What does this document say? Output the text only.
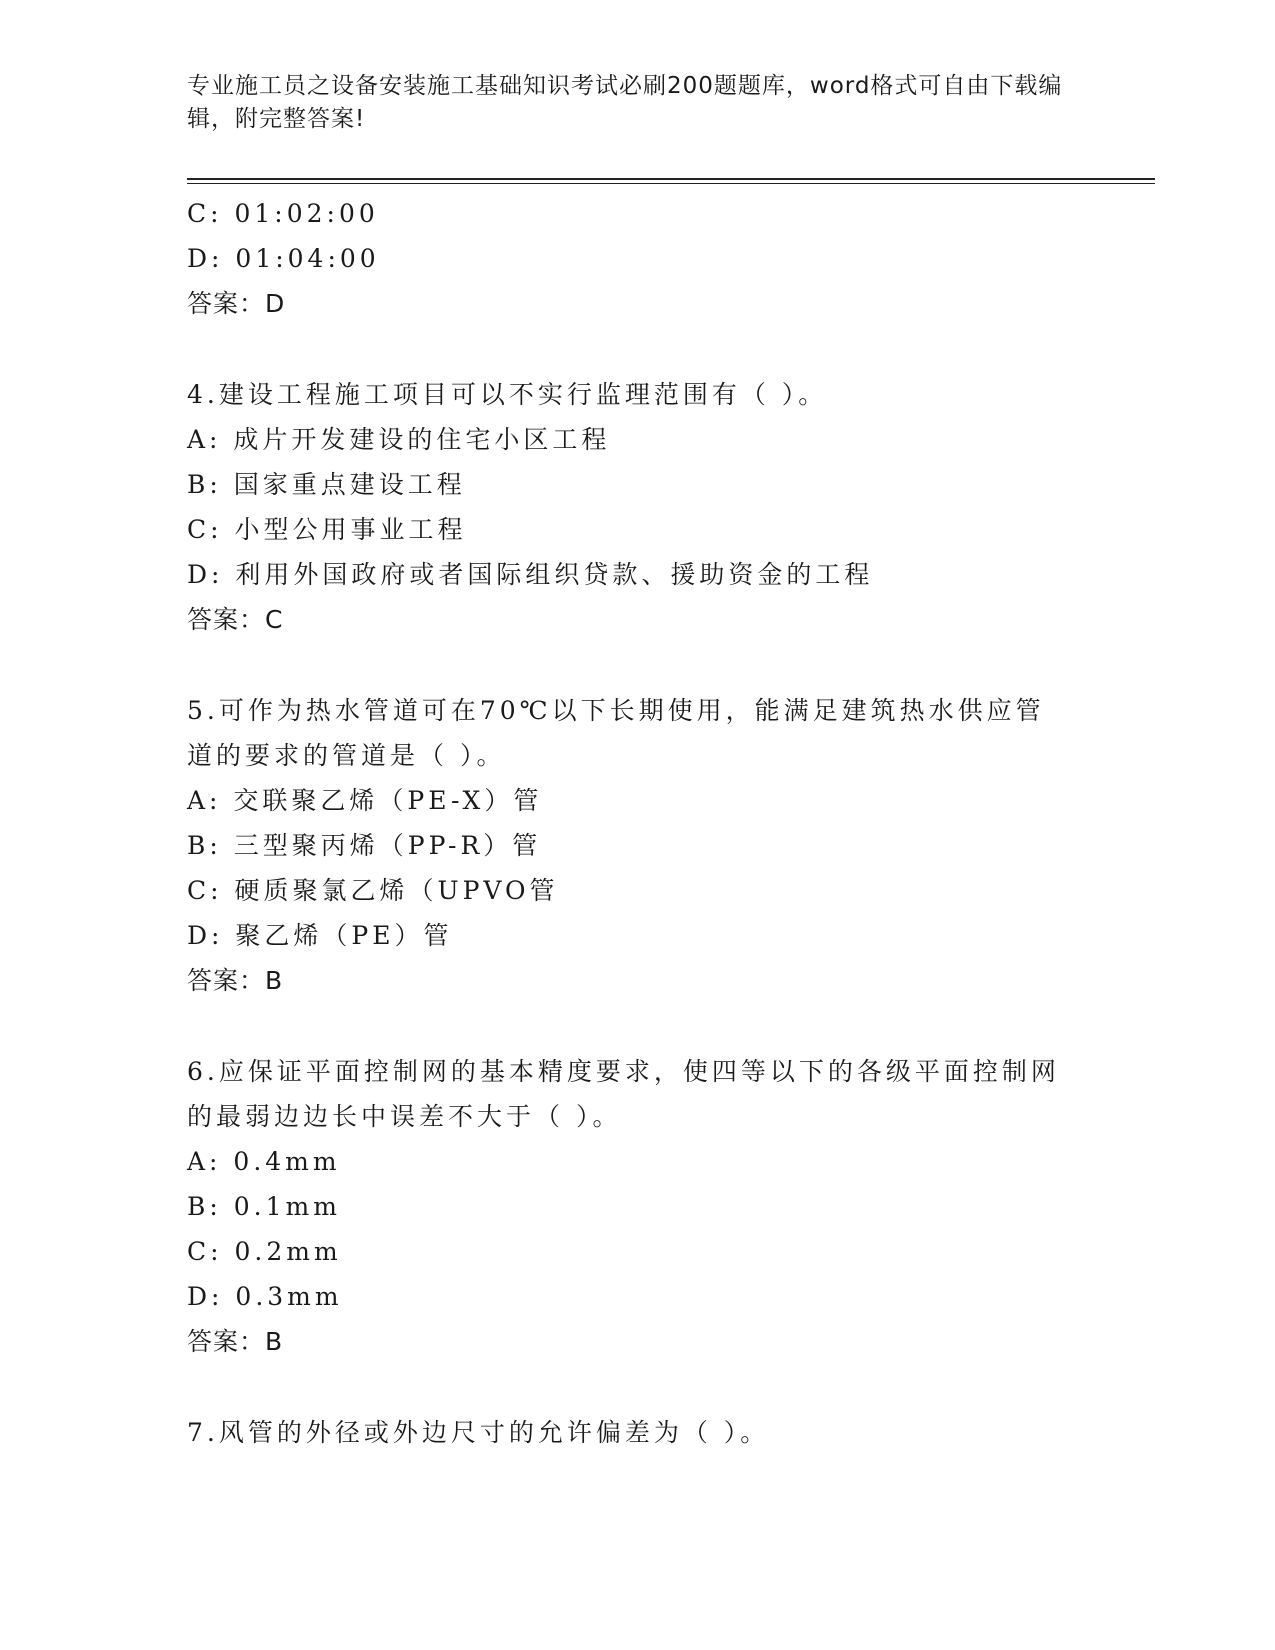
专业施工员之设备安装施工基础知识考试必刷200题题库，word格式可自由下载编辑，附完整答案!
C: 01:02:00
D: 01:04:00
答案：D
4.建设工程施工项目可以不实行监理范围有（ ）。
A: 成片开发建设的住宅小区工程
B: 国家重点建设工程
C: 小型公用事业工程
D: 利用外国政府或者国际组织贷款、援助资金的工程
答案：C
5.可作为热水管道可在70℃以下长期使用，能满足建筑热水供应管道的要求的管道是（ ）。
A: 交联聚乙烯（PE-X）管
B: 三型聚丙烯（PP-R）管
C: 硬质聚氯乙烯（UPVO管
D: 聚乙烯（PE）管
答案：B
6.应保证平面控制网的基本精度要求，使四等以下的各级平面控制网的最弱边边长中误差不大于（ ）。
A: 0.4mm
B: 0.1mm
C: 0.2mm
D: 0.3mm
答案：B
7.风管的外径或外边尺寸的允许偏差为（ ）。
